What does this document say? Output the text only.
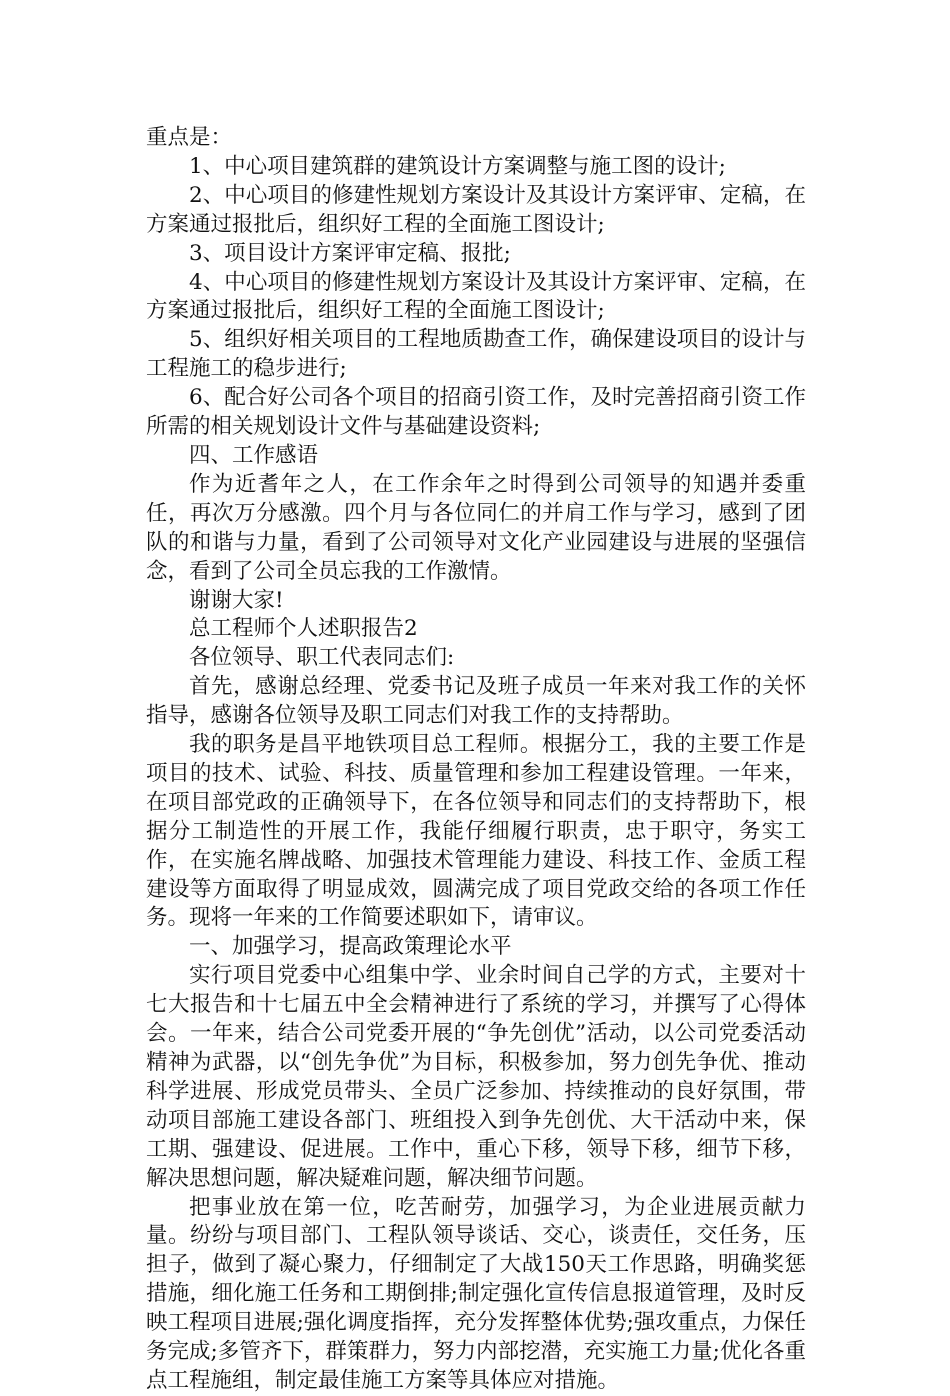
重点是：

1、中心项目建筑群的建筑设计方案调整与施工图的设计;

2、中心项目的修建性规划方案设计及其设计方案评审、定稿，在方案通过报批后，组织好工程的全面施工图设计;

3、项目设计方案评审定稿、报批;

4、中心项目的修建性规划方案设计及其设计方案评审、定稿，在方案通过报批后，组织好工程的全面施工图设计;

5、组织好相关项目的工程地质勘查工作，确保建设项目的设计与工程施工的稳步进行;

6、配合好公司各个项目的招商引资工作，及时完善招商引资工作所需的相关规划设计文件与基础建设资料;

四、工作感语

作为近耆年之人，在工作余年之时得到公司领导的知遇并委重任，再次万分感激。四个月与各位同仁的并肩工作与学习，感到了团队的和谐与力量，看到了公司领导对文化产业园建设与进展的坚强信念，看到了公司全员忘我的工作激情。

谢谢大家!

总工程师个人述职报告2

各位领导、职工代表同志们:

首先，感谢总经理、党委书记及班子成员一年来对我工作的关怀指导，感谢各位领导及职工同志们对我工作的支持帮助。

我的职务是昌平地铁项目总工程师。根据分工，我的主要工作是项目的技术、试验、科技、质量管理和参加工程建设管理。一年来，在项目部党政的正确领导下，在各位领导和同志们的支持帮助下，根据分工制造性的开展工作，我能仔细履行职责，忠于职守，务实工作，在实施名牌战略、加强技术管理能力建设、科技工作、金质工程建设等方面取得了明显成效，圆满完成了项目党政交给的各项工作任务。现将一年来的工作简要述职如下，请审议。

一、加强学习，提高政策理论水平

实行项目党委中心组集中学、业余时间自己学的方式，主要对十七大报告和十七届五中全会精神进行了系统的学习，并撰写了心得体会。一年来，结合公司党委开展的“争先创优”活动，以公司党委活动精神为武器，以“创先争优”为目标，积极参加，努力创先争优、推动科学进展、形成党员带头、全员广泛参加、持续推动的良好氛围，带动项目部施工建设各部门、班组投入到争先创优、大干活动中来，保工期、强建设、促进展。工作中，重心下移，领导下移，细节下移，解决思想问题，解决疑难问题，解决细节问题。

把事业放在第一位，吃苦耐劳，加强学习，为企业进展贡献力量。纷纷与项目部门、工程队领导谈话、交心，谈责任，交任务，压担子，做到了凝心聚力，仔细制定了大战150天工作思路，明确奖惩措施，细化施工任务和工期倒排;制定强化宣传信息报道管理，及时反映工程项目进展;强化调度指挥，充分发挥整体优势;强攻重点，力保任务完成;多管齐下，群策群力，努力内部挖潜，充实施工力量;优化各重点工程施组，制定最佳施工方案等具体应对措施。
